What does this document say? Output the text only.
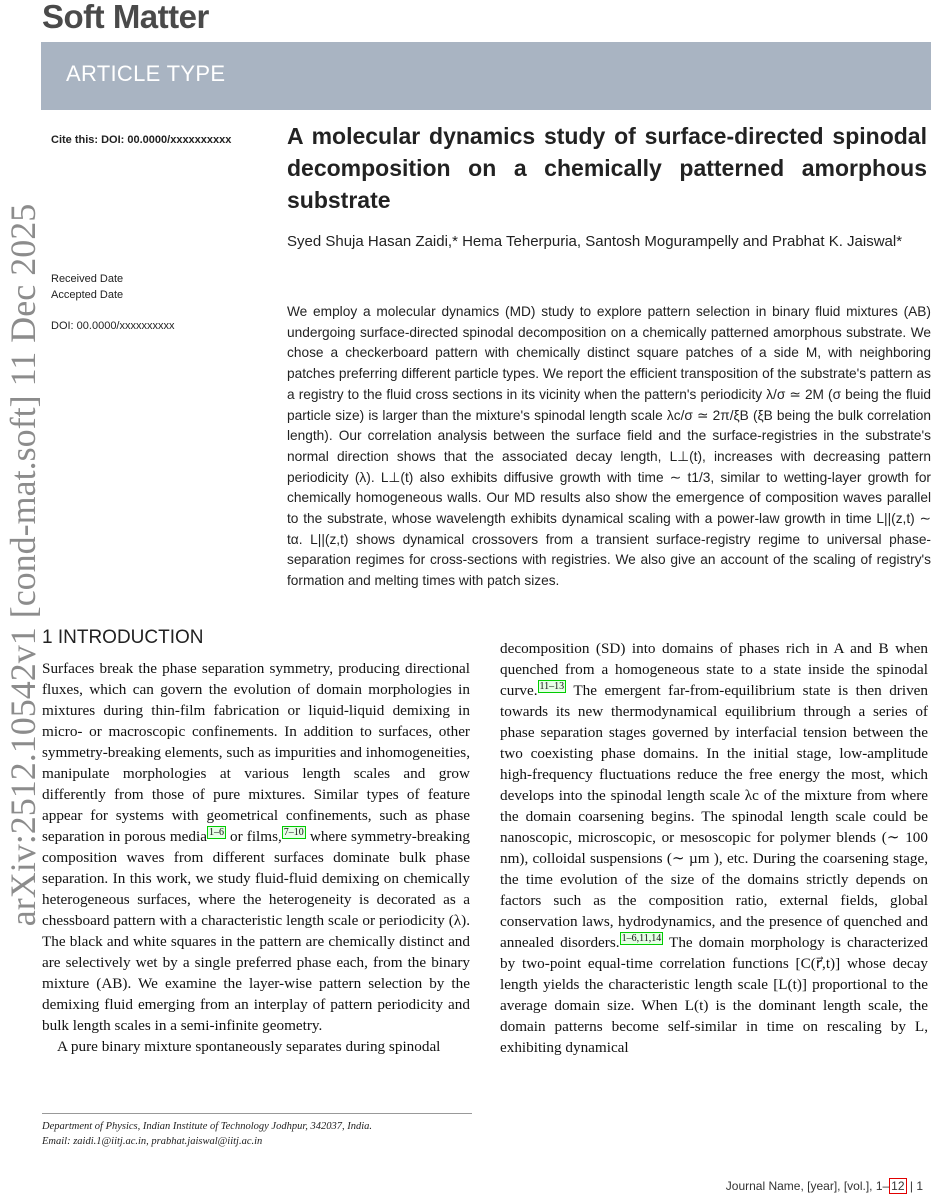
Soft Matter
ARTICLE TYPE
arXiv:2512.10542v1 [cond-mat.soft] 11 Dec 2025
Cite this: DOI: 00.0000/xxxxxxxxxx
Received Date
Accepted Date
DOI: 00.0000/xxxxxxxxxx
A molecular dynamics study of surface-directed spinodal decomposition on a chemically patterned amorphous substrate
Syed Shuja Hasan Zaidi,* Hema Teherpuria, Santosh Mogurampelly and Prabhat K. Jaiswal*

We employ a molecular dynamics (MD) study to explore pattern selection in binary fluid mixtures (AB) undergoing surface-directed spinodal decomposition on a chemically patterned amorphous substrate. We chose a checkerboard pattern with chemically distinct square patches of a side M, with neighboring patches preferring different particle types. We report the efficient transposition of the substrate's pattern as a registry to the fluid cross sections in its vicinity when the pattern's periodicity λ/σ ≃ 2M (σ being the fluid particle size) is larger than the mixture's spinodal length scale λc/σ ≃ 2π/ξB (ξB being the bulk correlation length). Our correlation analysis between the surface field and the surface-registries in the substrate's normal direction shows that the associated decay length, L⊥(t), increases with decreasing pattern periodicity (λ). L⊥(t) also exhibits diffusive growth with time ∼ t1/3, similar to wetting-layer growth for chemically homogeneous walls. Our MD results also show the emergence of composition waves parallel to the substrate, whose wavelength exhibits dynamical scaling with a power-law growth in time L||(z,t) ∼ tα. L||(z,t) shows dynamical crossovers from a transient surface-registry regime to universal phase-separation regimes for cross-sections with registries. We also give an account of the scaling of registry's formation and melting times with patch sizes.

1 INTRODUCTION

Surfaces break the phase separation symmetry, producing directional fluxes, which can govern the evolution of domain morphologies in mixtures during thin-film fabrication or liquid-liquid demixing in micro- or macroscopic confinements. In addition to surfaces, other symmetry-breaking elements, such as impurities and inhomogeneities, manipulate morphologies at various length scales and grow differently from those of pure mixtures. Similar types of feature appear for systems with geometrical confinements, such as phase separation in porous media $^{1-6}$ or films, $^{7-10}$ where symmetry-breaking composition waves from different surfaces dominate bulk phase separation. In this work, we study fluid-fluid demixing on chemically heterogeneous surfaces, where the heterogeneity is decorated as a chessboard pattern with a characteristic length scale or periodicity (λ). The black and white squares in the pattern are chemically distinct and are selectively wet by a single preferred phase each, from the binary mixture (AB). We examine the layer-wise pattern selection by the demixing fluid emerging from an interplay of pattern periodicity and bulk length scales in a semi-infinite geometry.

A pure binary mixture spontaneously separates during spinodal

decomposition (SD) into domains of phases rich in A and B when quenched from a homogeneous state to a state inside the spinodal curve. $^{11-13}$ The emergent far-from-equilibrium state is then driven towards its new thermodynamical equilibrium through a series of phase separation stages governed by interfacial tension between the two coexisting phase domains. In the initial stage, low-amplitude high-frequency fluctuations reduce the free energy the most, which develops into the spinodal length scale λc of the mixture from where the domain coarsening begins. The spinodal length scale could be nanoscopic, microscopic, or mesoscopic for polymer blends (∼ 100 nm), colloidal suspensions (∼ µm ), etc. During the coarsening stage, the time evolution of the size of the domains strictly depends on factors such as the composition ratio, external fields, global conservation laws, hydrodynamics, and the presence of quenched and annealed disorders. $^{1-6,11,14}$ The domain morphology is characterized by two-point equal-time correlation functions [C(r⃗,t)] whose decay length yields the characteristic length scale [L(t)] proportional to the average domain size. When L(t) is the dominant length scale, the domain patterns become self-similar in time on rescaling by L, exhibiting dynamical

Department of Physics, Indian Institute of Technology Jodhpur, 342037, India.
Email: zaidi.1@iitj.ac.in, prabhat.jaiswal@iitj.ac.in
Journal Name, [year], [vol.], 1– 12 | 1
